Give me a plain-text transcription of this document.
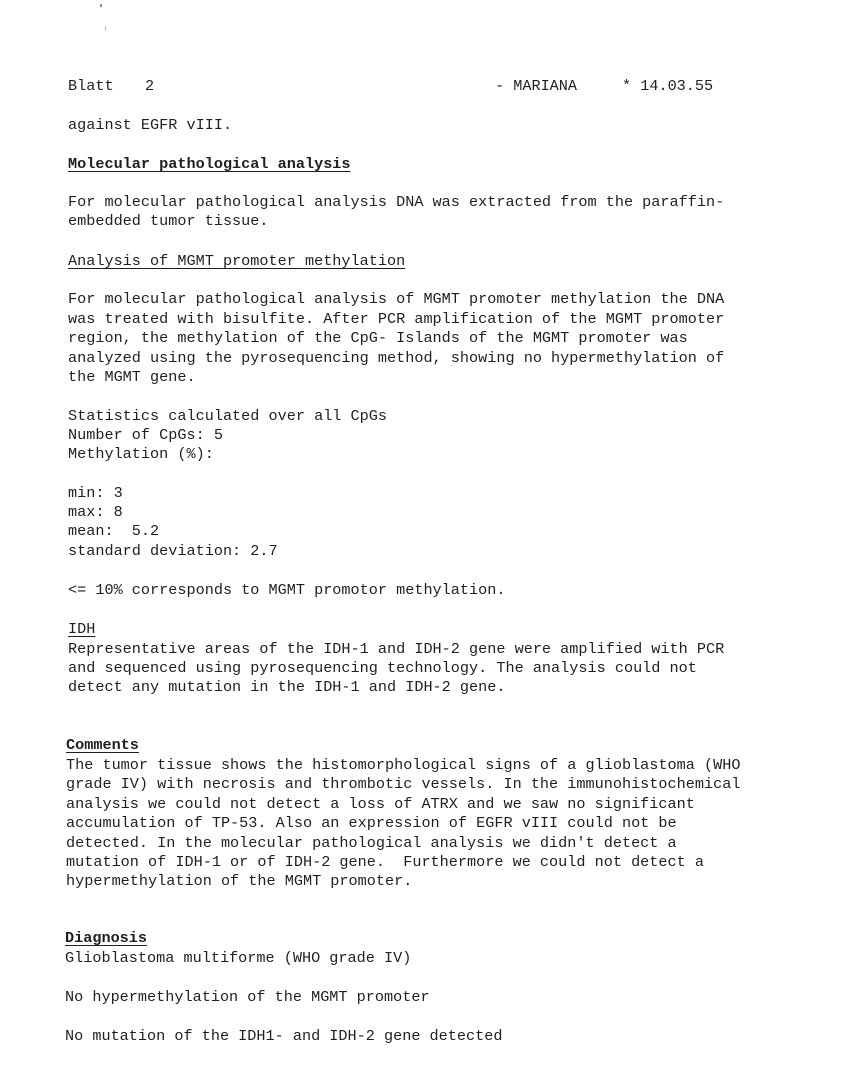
Blatt 2	- MARIANA	* 14.03.55
against EGFR vIII.
Molecular pathological analysis
For molecular pathological analysis DNA was extracted from the paraffin-
embedded tumor tissue.
Analysis of MGMT promoter methylation
For molecular pathological analysis of MGMT promoter methylation the DNA
was treated with bisulfite. After PCR amplification of the MGMT promoter
region, the methylation of the CpG- Islands of the MGMT promoter was
analyzed using the pyrosequencing method, showing no hypermethylation of
the MGMT gene.
Statistics calculated over all CpGs
Number of CpGs: 5
Methylation (%):
min: 3
max: 8
mean:  5.2
standard deviation: 2.7
<= 10% corresponds to MGMT promotor methylation.
IDH
Representative areas of the IDH-1 and IDH-2 gene were amplified with PCR
and sequenced using pyrosequencing technology. The analysis could not
detect any mutation in the IDH-1 and IDH-2 gene.
Comments
The tumor tissue shows the histomorphological signs of a glioblastoma (WHO
grade IV) with necrosis and thrombotic vessels. In the immunohistochemical
analysis we could not detect a loss of ATRX and we saw no significant
accumulation of TP-53. Also an expression of EGFR vIII could not be
detected. In the molecular pathological analysis we didn't detect a
mutation of IDH-1 or of IDH-2 gene.  Furthermore we could not detect a
hypermethylation of the MGMT promoter.
Diagnosis
Glioblastoma multiforme (WHO grade IV)
No hypermethylation of the MGMT promoter
No mutation of the IDH1- and IDH-2 gene detected
